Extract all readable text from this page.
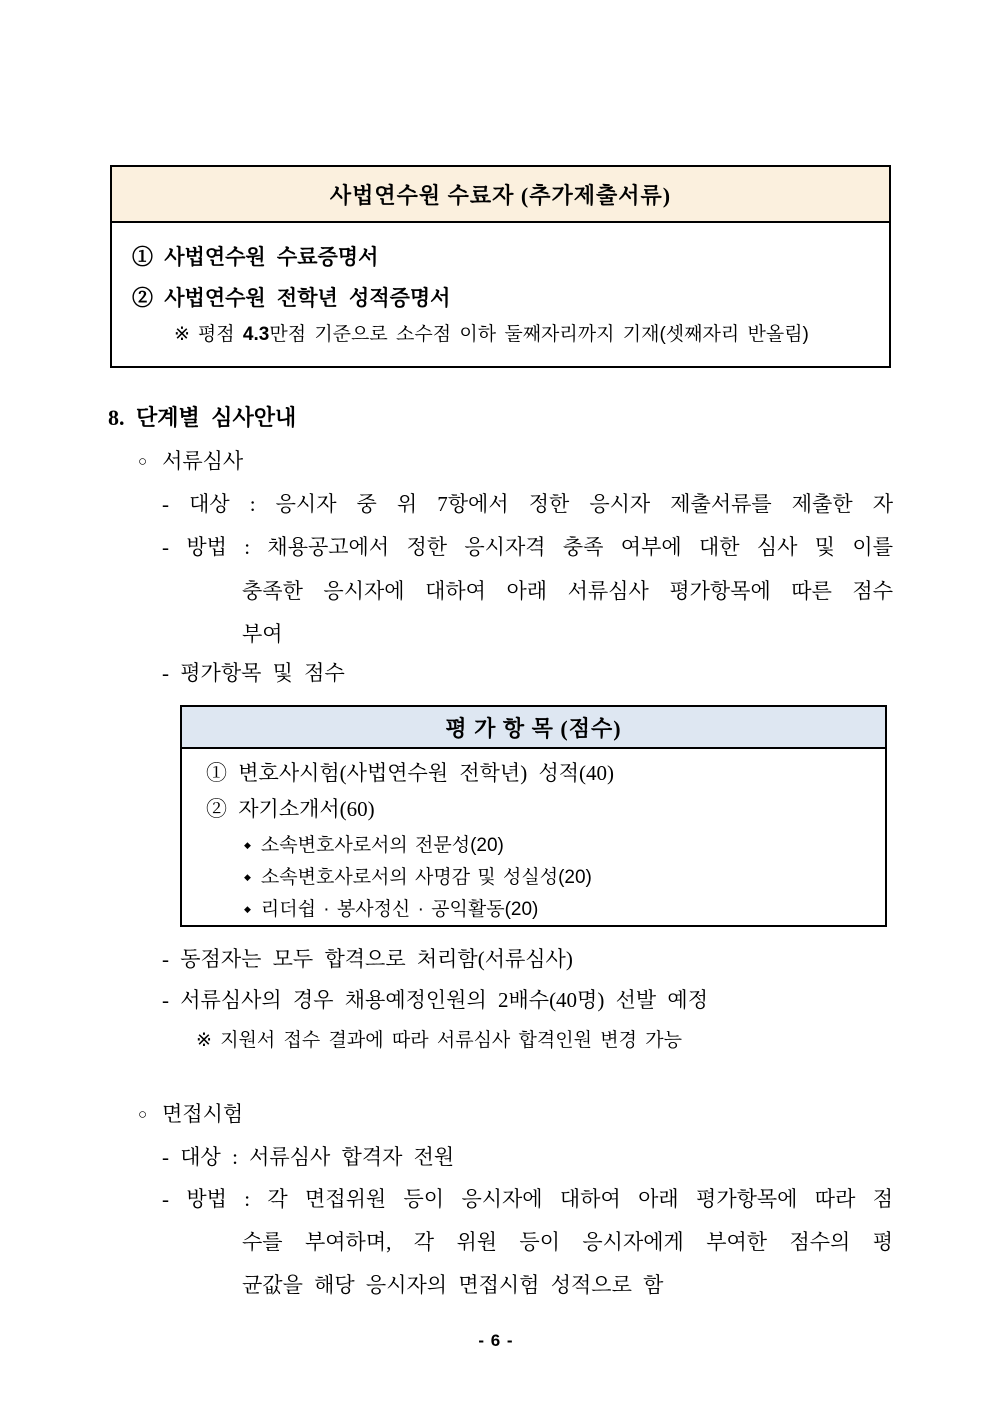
사법연수원 수료자 (추가제출서류)
① 사법연수원 수료증명서
② 사법연수원 전학년 성적증명서
※ 평점 4.3만점 기준으로 소수점 이하 둘째자리까지 기재(셋째자리 반올림)
8. 단계별 심사안내
○ 서류심사
- 대상 : 응시자 중 위 7항에서 정한 응시자 제출서류를 제출한 자
- 방법 : 채용공고에서 정한 응시자격 충족 여부에 대한 심사 및 이를
충족한 응시자에 대하여 아래 서류심사 평가항목에 따른 점수
부여
- 평가항목 및 점수
평 가 항 목 (점수)
① 변호사시험(사법연수원 전학년) 성적(40)
② 자기소개서(60)
◆ 소속변호사로서의 전문성(20)
◆ 소속변호사로서의 사명감 및 성실성(20)
◆ 리더쉽 · 봉사정신 · 공익활동(20)
- 동점자는 모두 합격으로 처리함(서류심사)
- 서류심사의 경우 채용예정인원의 2배수(40명) 선발 예정
※ 지원서 접수 결과에 따라 서류심사 합격인원 변경 가능
○ 면접시험
- 대상 : 서류심사 합격자 전원
- 방법 : 각 면접위원 등이 응시자에 대하여 아래 평가항목에 따라 점
수를 부여하며, 각 위원 등이 응시자에게 부여한 점수의 평
균값을 해당 응시자의 면접시험 성적으로 함
- 6 -
